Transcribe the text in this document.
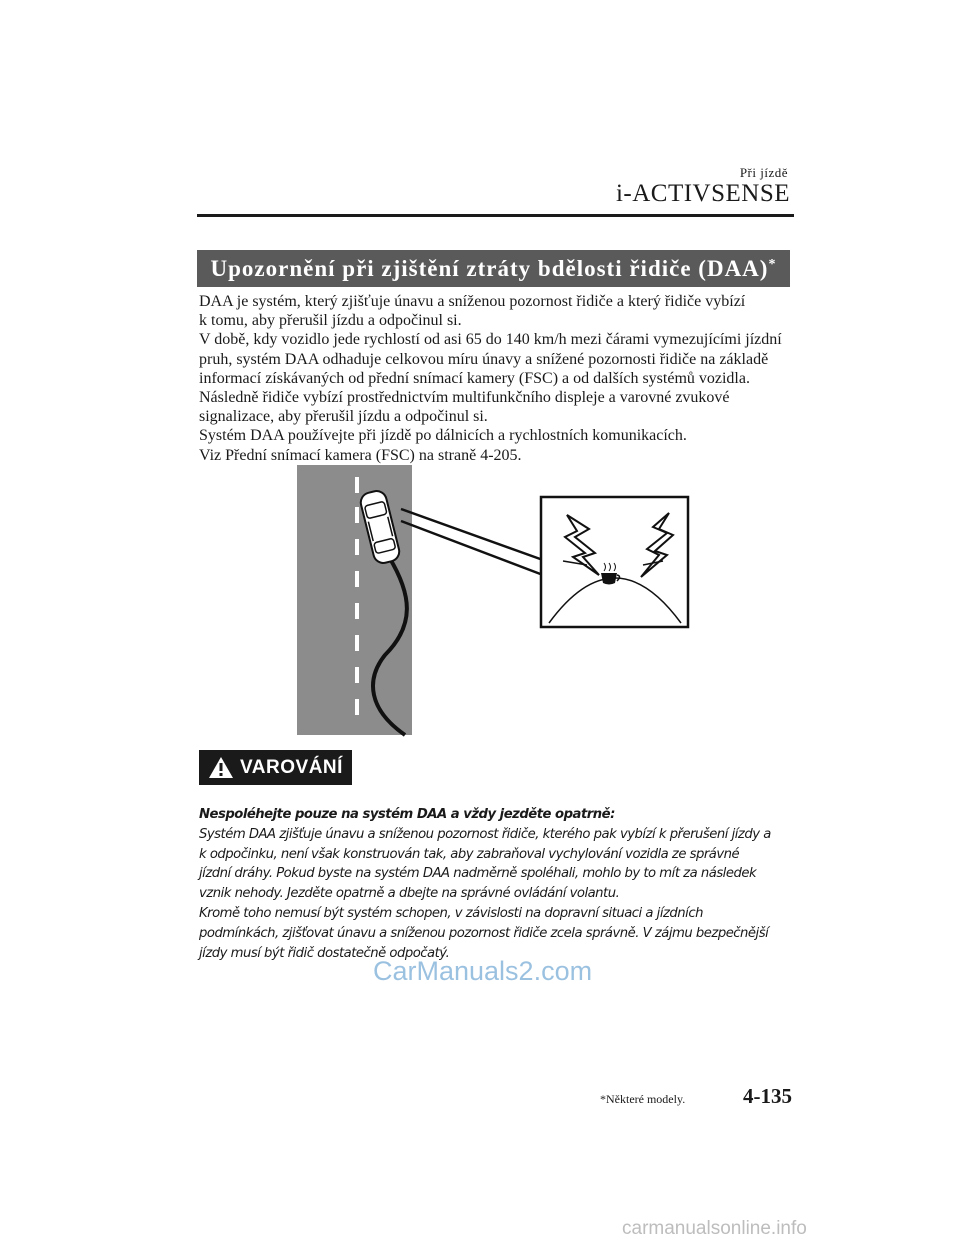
Při jízdě
i-ACTIVSENSE
Upozornění při zjištění ztráty bdělosti řidiče (DAA)*
DAA je systém, který zjišťuje únavu a sníženou pozornost řidiče a který řidiče vybízí
k tomu, aby přerušil jízdu a odpočinul si.
V době, kdy vozidlo jede rychlostí od asi 65 do 140 km/h mezi čárami vymezujícími jízdní
pruh, systém DAA odhaduje celkovou míru únavy a snížené pozornosti řidiče na základě
informací získávaných od přední snímací kamery (FSC) a od dalších systémů vozidla.
Následně řidiče vybízí prostřednictvím multifunkčního displeje a varovné zvukové
signalizace, aby přerušil jízdu a odpočinul si.
Systém DAA používejte při jízdě po dálnicích a rychlostních komunikacích.
Viz Přední snímací kamera (FSC) na straně 4-205.
VAROVÁNÍ
Nespoléhejte pouze na systém DAA a vždy jezděte opatrně:
Systém DAA zjišťuje únavu a sníženou pozornost řidiče, kterého pak vybízí k přerušení jízdy a
k odpočinku, není však konstruován tak, aby zabraňoval vychylování vozidla ze správné
jízdní dráhy. Pokud byste na systém DAA nadměrně spoléhali, mohlo by to mít za následek
vznik nehody. Jezděte opatrně a dbejte na správné ovládání volantu.
Kromě toho nemusí být systém schopen, v závislosti na dopravní situaci a jízdních
podmínkách, zjišťovat únavu a sníženou pozornost řidiče zcela správně. V zájmu bezpečnější
jízdy musí být řidič dostatečně odpočatý.
CarManuals2.com
*Některé modely.	4-135
carmanualsonline.info
